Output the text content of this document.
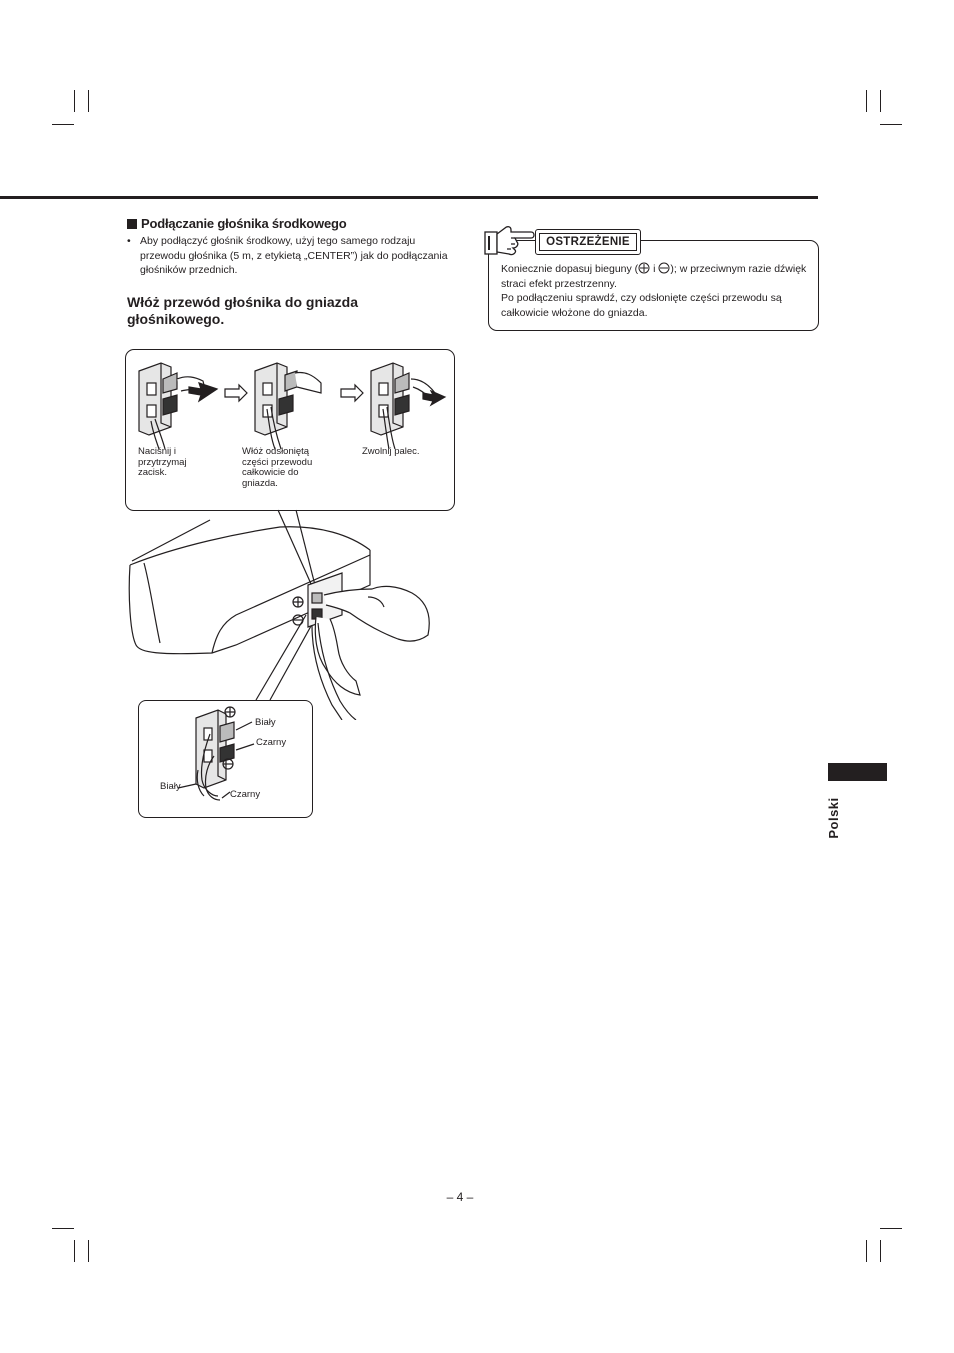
Podłączanie głośnika środkowego
• Aby podłączyć głośnik środkowy, użyj tego samego rodzaju przewodu głośnika (5 m, z etykietą „CENTER”) jak do podłączania głośników przednich.
Włóż przewód głośnika do gniazda głośnikowego.
Naciśnij i przytrzymaj zacisk.
Włóż odsłoniętą części przewodu całkowicie do gniazda.
Zwolnij palec.
Biały
Czarny
Biały
Czarny
OSTRZEŻENIE
Koniecznie dopasuj bieguny ( i ); w przeciwnym razie dźwięk straci efekt przestrzenny.
Po podłączeniu sprawdź, czy odsłonięte części przewodu są całkowicie włożone do gniazda.
Polski
– 4 –
